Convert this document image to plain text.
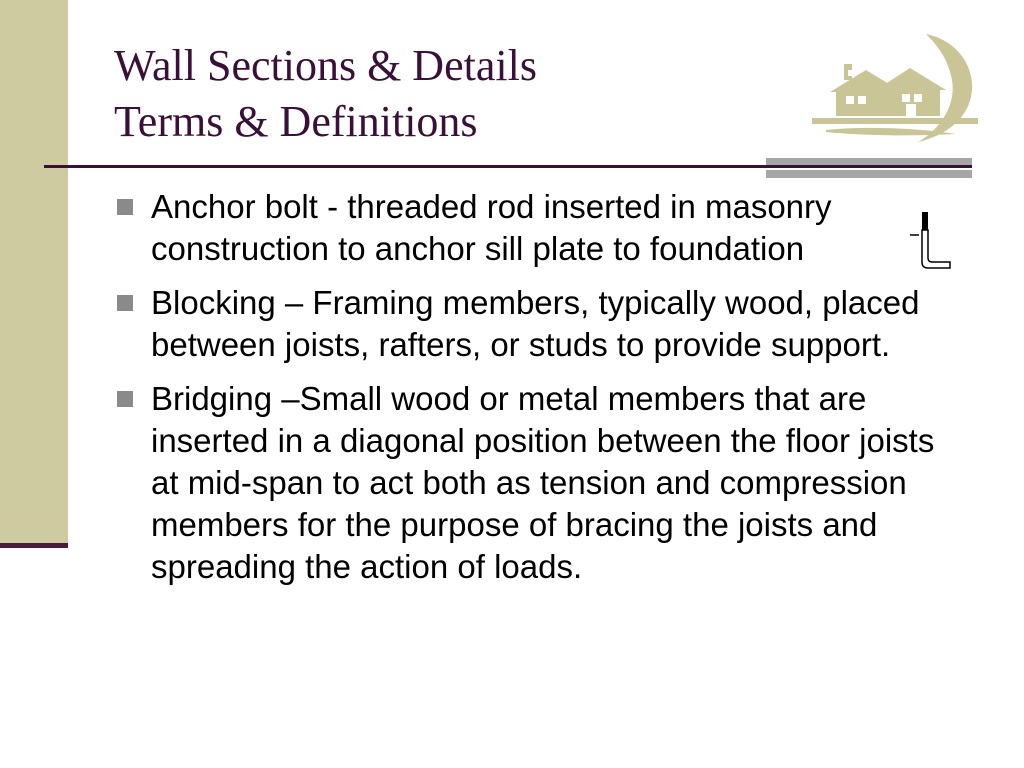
Wall Sections & Details
Terms & Definitions
Anchor bolt - threaded rod inserted in masonry construction to anchor sill plate to foundation
Blocking – Framing members, typically wood, placed between joists, rafters, or studs to provide support.
Bridging –Small wood or metal members that are inserted in a diagonal position between the floor joists at mid-span to act both as tension and compression members for the purpose of bracing the joists and spreading the action of loads.
